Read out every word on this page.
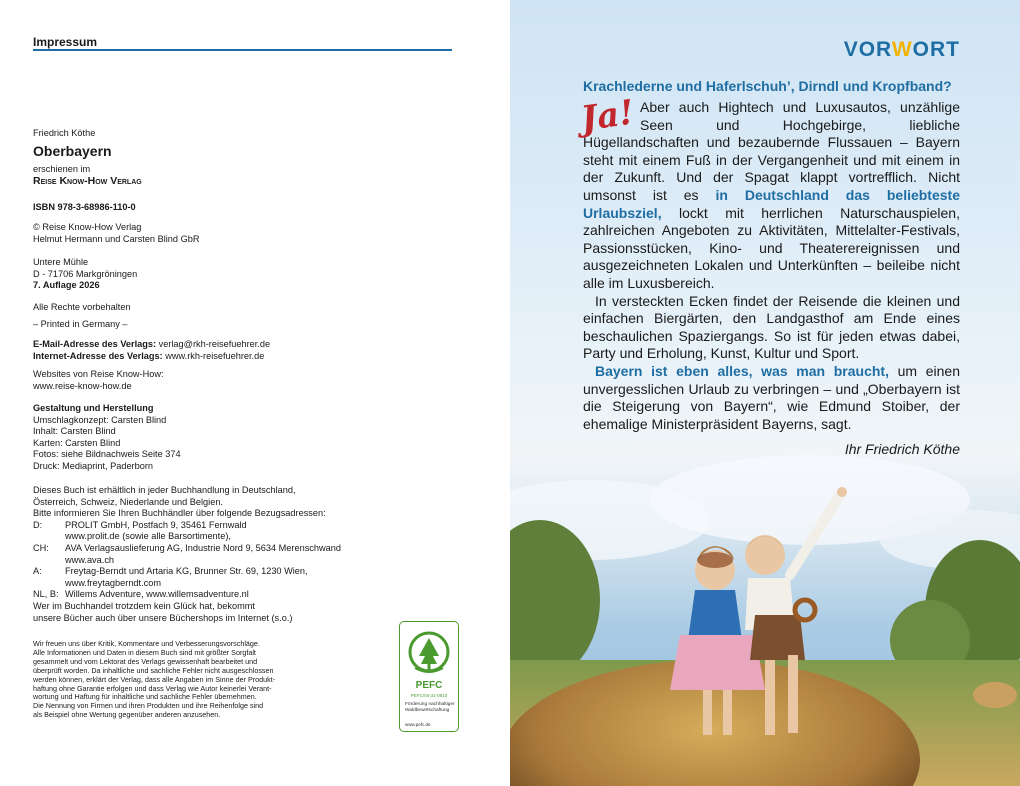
Impressum
Friedrich Köthe
Oberbayern

erschienen im

Reise Know-How Verlag

ISBN 978-3-68986-110-0

© Reise Know-How Verlag

Helmut Hermann und Carsten Blind GbR

Untere Mühle

D - 71706 Markgröningen

7. Auflage 2026

Alle Rechte vorbehalten
– Printed in Germany –

E-Mail-Adresse des Verlags: verlag@rkh-reisefuehrer.de

Internet-Adresse des Verlags: www.rkh-reisefuehrer.de

Websites von Reise Know-How:

www.reise-know-how.de

Gestaltung und Herstellung

Umschlagkonzept: Carsten Blind

Inhalt: Carsten Blind

Karten: Carsten Blind

Fotos: siehe Bildnachweis Seite 374

Druck: Mediaprint, Paderborn

Dieses Buch ist erhältlich in jeder Buchhandlung in Deutschland,

Österreich, Schweiz, Niederlande und Belgien.

Bitte informieren Sie Ihren Buchhändler über folgende Bezugsadressen:

D:	PROLIT GmbH, Postfach 9, 35461 Fernwald
www.prolit.de (sowie alle Barsortimente),
CH:	AVA Verlagsauslieferung AG, Industrie Nord 9, 5634 Merenschwand
www.ava.ch
A:	Freytag-Berndt und Artaria KG, Brunner Str. 69, 1230 Wien,
www.freytagberndt.com
NL, B: Willems Adventure, www.willemsadventure.nl

Wer im Buchhandel trotzdem kein Glück hat, bekommt

unsere Bücher auch über unsere Büchershops im Internet (s.o.)

Wir freuen uns über Kritik, Kommentare und Verbesserungsvorschläge.

Alle Informationen und Daten in diesem Buch sind mit größter Sorgfalt

gesammelt und vom Lektorat des Verlags gewissenhaft bearbeitet und

überprüft worden. Da inhaltliche und sachliche Fehler nicht ausgeschlossen

werden können, erklärt der Verlag, dass alle Angaben im Sinne der Produkt-

haftung ohne Garantie erfolgen und dass Verlag wie Autor keinerlei Verant-

wortung und Haftung für inhaltliche und sachliche Fehler übernehmen.

Die Nennung von Firmen und ihren Produkten und ihre Reihenfolge sind

als Beispiel ohne Wertung gegenüber anderen anzusehen.

PEFC
PEFC/04-31-0810
Förderung nachhaltiger Waldbewirtschaftung
www.pefc.de
VORWORT

Krachlederne und Haferlschuh’, Dirndl und Kropfband?

Ja! Aber auch Hightech und Luxusautos, unzählige Seen und Hochgebirge, liebliche Hügellandschaften und bezaubernde Flussauen – Bayern steht mit einem Fuß in der Vergangenheit und mit einem in der Zukunft. Und der Spagat klappt vortrefflich. Nicht umsonst ist es in Deutschland das beliebteste Urlaubsziel, lockt mit herrlichen Naturschauspielen, zahlreichen Angeboten zu Aktivitäten, Mittelalter-Festivals, Passionsstücken, Kino- und Theaterereignissen und ausgezeichneten Lokalen und Unterkünften – beileibe nicht alle im Luxusbereich.

In versteckten Ecken findet der Reisende die kleinen und einfachen Biergärten, den Landgasthof am Ende eines beschaulichen Spaziergangs. So ist für jeden etwas dabei, Party und Erholung, Kunst, Kultur und Sport.

Bayern ist eben alles, was man braucht, um einen unvergesslichen Urlaub zu verbringen – und „Oberbayern ist die Steigerung von Bayern“, wie Edmund Stoiber, der ehemalige Ministerpräsident Bayerns, sagt.

Ihr Friedrich Köthe
